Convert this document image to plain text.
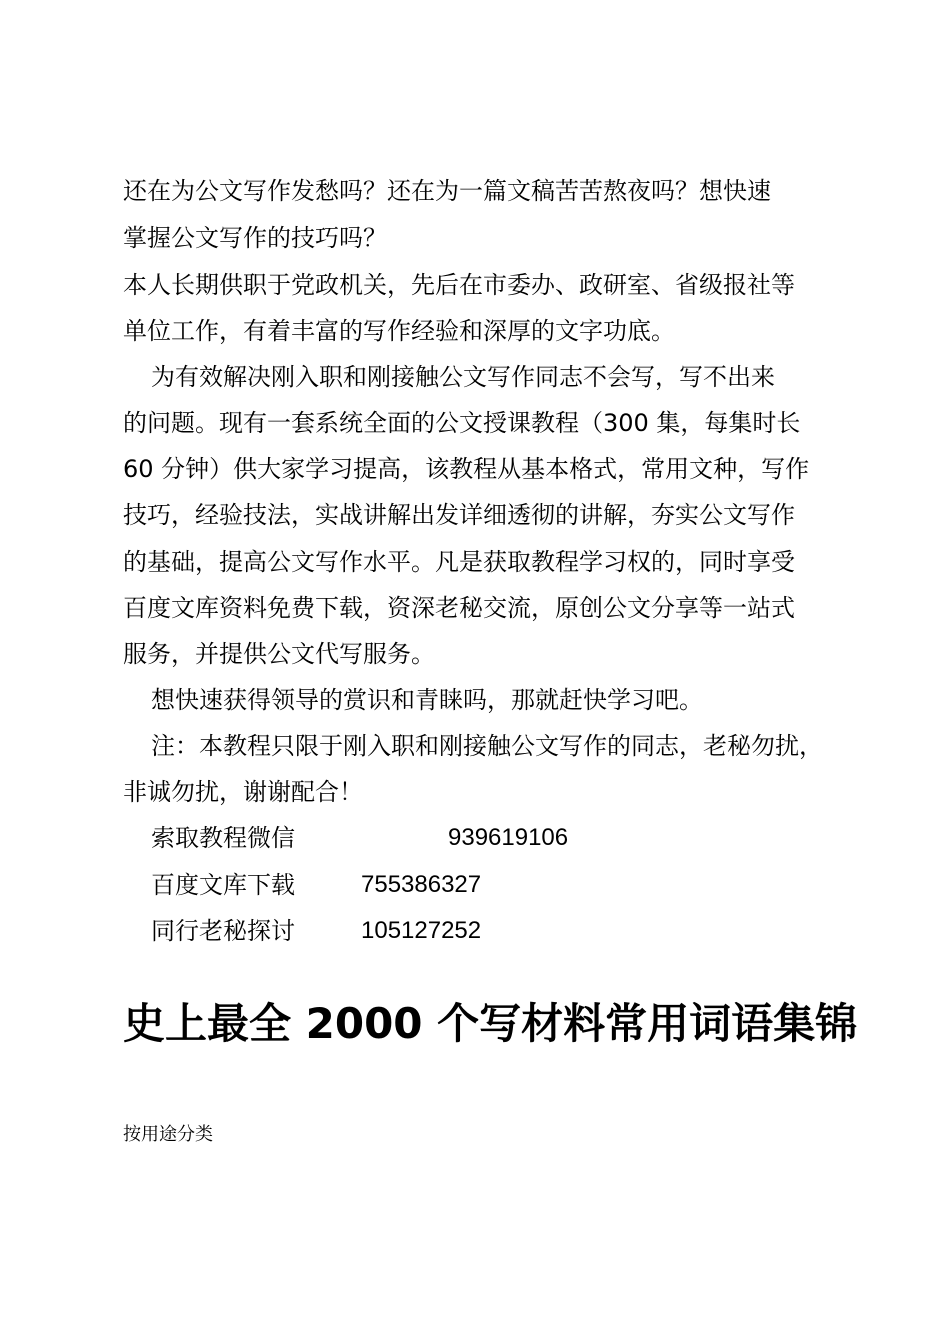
还在为公文写作发愁吗？还在为一篇文稿苦苦熬夜吗？想快速
掌握公文写作的技巧吗？
本人长期供职于党政机关，先后在市委办、政研室、省级报社等
单位工作，有着丰富的写作经验和深厚的文字功底。
为有效解决刚入职和刚接触公文写作同志不会写，写不出来
的问题。现有一套系统全面的公文授课教程（300 集，每集时长
60 分钟）供大家学习提高，该教程从基本格式，常用文种，写作
技巧，经验技法，实战讲解出发详细透彻的讲解，夯实公文写作
的基础，提高公文写作水平。凡是获取教程学习权的，同时享受
百度文库资料免费下载，资深老秘交流，原创公文分享等一站式
服务，并提供公文代写服务。
想快速获得领导的赏识和青睐吗，那就赶快学习吧。
注：本教程只限于刚入职和刚接触公文写作的同志，老秘勿扰，
非诚勿扰，谢谢配合！
索取教程微信	939619106
百度文库下载	755386327
同行老秘探讨	105127252
史上最全 2000 个写材料常用词语集锦
按用途分类
